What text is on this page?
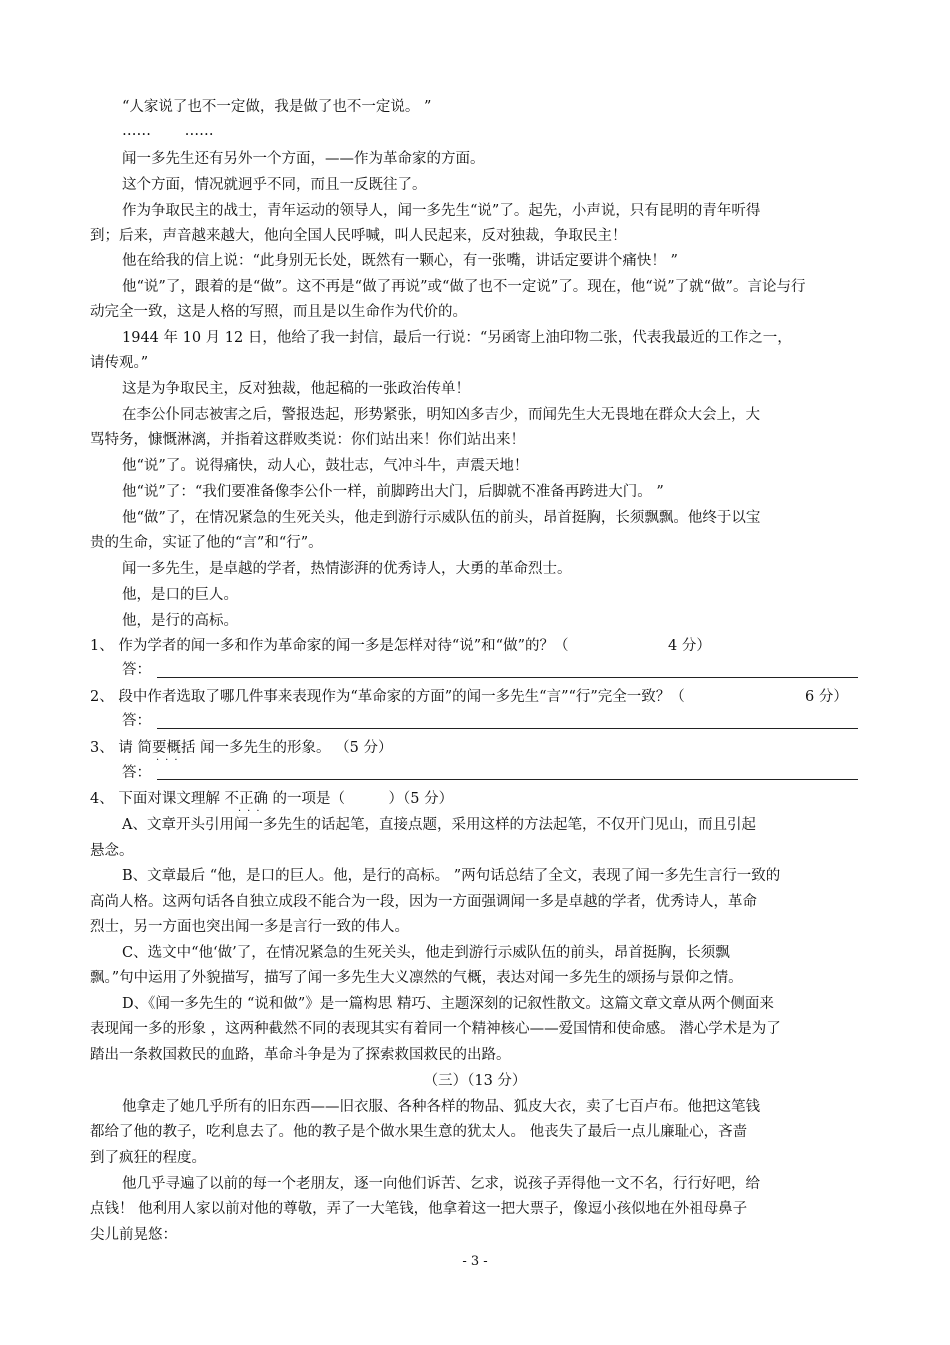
“人家说了也不一定做，我是做了也不一定说。 ”
……　　 ……
闻一多先生还有另外一个方面，——作为革命家的方面。
这个方面，情况就迥乎不同，而且一反既往了。
作为争取民主的战士，青年运动的领导人，闻一多先生“说”了。起先，小声说，只有昆明的青年听得
到；后来，声音越来越大，他向全国人民呼喊，叫人民起来，反对独裁，争取民主！
他在给我的信上说：“此身别无长处，既然有一颗心，有一张嘴，讲话定要讲个痛快！ ”
他“说”了，跟着的是“做”。这不再是“做了再说”或“做了也不一定说”了。现在，他“说”了就“做”。言论与行
动完全一致，这是人格的写照，而且是以生命作为代价的。
1944 年 10 月 12 日，他给了我一封信，最后一行说：“另函寄上油印物二张，代表我最近的工作之一，
请传观。”
这是为争取民主，反对独裁，他起稿的一张政治传单！
在李公仆同志被害之后，警报迭起，形势紧张，明知凶多吉少，而闻先生大无畏地在群众大会上，大
骂特务，慷慨淋漓，并指着这群败类说：你们站出来！你们站出来！
他“说”了。说得痛快，动人心，鼓壮志，气冲斗牛，声震天地！
他“说”了：“我们要准备像李公仆一样，前脚跨出大门，后脚就不准备再跨进大门。 ”
他“做”了，在情况紧急的生死关头，他走到游行示威队伍的前头，昂首挺胸，长须飘飘。他终于以宝
贵的生命，实证了他的“言”和“行”。
闻一多先生，是卓越的学者，热情澎湃的优秀诗人，大勇的革命烈士。
他，是口的巨人。
他，是行的高标。
1、 作为学者的闻一多和作为革命家的闻一多是怎样对待“说”和“做”的？（	4 分）
答：
2、 段中作者选取了哪几件事来表现作为“革命家的方面”的闻一多先生“言”“行”完全一致？（	6 分）
答：
3、 请 简要概括 闻一多先生的形象。 （5 分）
···
答：
4、 下面对课文理解 不正确 的一项是（　　　）（5 分）
···
A、文章开头引用闻一多先生的话起笔，直接点题，采用这样的方法起笔，不仅开门见山，而且引起
悬念。
B、文章最后 “他，是口的巨人。他，是行的高标。 ”两句话总结了全文，表现了闻一多先生言行一致的
高尚人格。这两句话各自独立成段不能合为一段，因为一方面强调闻一多是卓越的学者，优秀诗人，革命
烈士，另一方面也突出闻一多是言行一致的伟人。
C、选文中“他‘做’了，在情况紧急的生死关头，他走到游行示威队伍的前头，昂首挺胸，长须飘
飘。”句中运用了外貌描写，描写了闻一多先生大义凛然的气概，表达对闻一多先生的颂扬与景仰之情。
D、《闻一多先生的 “说和做”》是一篇构思 精巧、主题深刻的记叙性散文。这篇文章文章从两个侧面来
表现闻一多的形象 ，这两种截然不同的表现其实有着同一个精神核心——爱国情和使命感。 潜心学术是为了
踏出一条救国救民的血路，革命斗争是为了探索救国救民的出路。
（三）（13 分）
他拿走了她几乎所有的旧东西——旧衣服、各种各样的物品、狐皮大衣，卖了七百卢布。他把这笔钱
都给了他的教子，吃利息去了。他的教子是个做水果生意的犹太人。 他丧失了最后一点儿廉耻心，吝啬
到了疯狂的程度。
他几乎寻遍了以前的每一个老朋友，逐一向他们诉苦、乞求，说孩子弄得他一文不名，行行好吧，给
点钱！ 他利用人家以前对他的尊敬，弄了一大笔钱，他拿着这一把大票子，像逗小孩似地在外祖母鼻子
尖儿前晃悠：
- 3 -
